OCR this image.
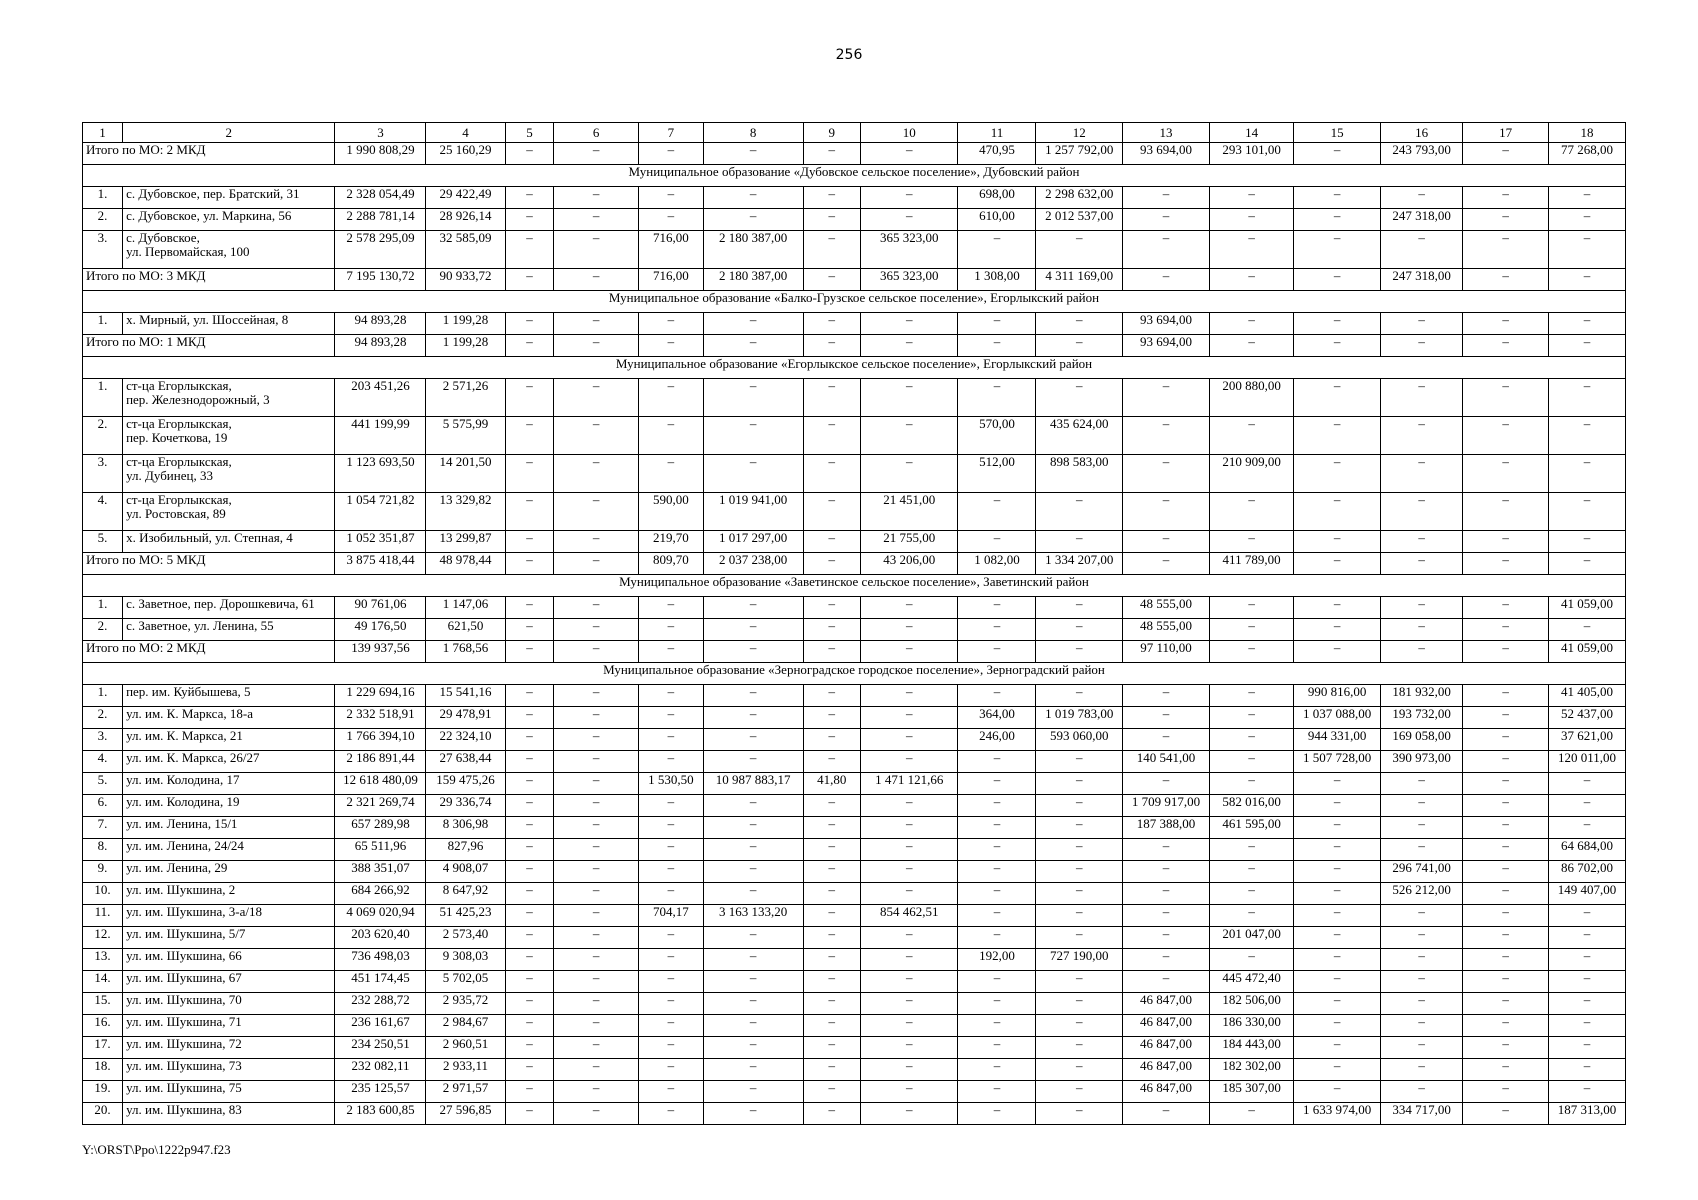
256
1	2	3	4	5	6	7	8	9	10	11	12	13	14	15	16	17	18
Итого по МО: 2 МКД		1 990 808,29	25 160,29	–	–	–	–	–	–	470,95	1 257 792,00	93 694,00	293 101,00	–	243 793,00	–	77 268,00
Муниципальное образование «Дубовское сельское поселение», Дубовский район																	
1.	с. Дубовское, пер. Братский, 31	2 328 054,49	29 422,49	–	–	–	–	–	–	698,00	2 298 632,00	–	–	–	–	–	–
2.	с. Дубовское, ул. Маркина, 56	2 288 781,14	28 926,14	–	–	–	–	–	–	610,00	2 012 537,00	–	–	–	247 318,00	–	–
3.	с. Дубовское,
ул. Первомайская, 100	2 578 295,09	32 585,09	–	–	716,00	2 180 387,00	–	365 323,00	–	–	–	–	–	–	–	–
Итого по МО: 3 МКД		7 195 130,72	90 933,72	–	–	716,00	2 180 387,00	–	365 323,00	1 308,00	4 311 169,00	–	–	–	247 318,00	–	–
Муниципальное образование «Балко-Грузское сельское поселение», Егорлыкский район																	
1.	х. Мирный, ул. Шоссейная, 8	94 893,28	1 199,28	–	–	–	–	–	–	–	–	93 694,00	–	–	–	–	–
Итого по МО: 1 МКД		94 893,28	1 199,28	–	–	–	–	–	–	–	–	93 694,00	–	–	–	–	–
Муниципальное образование «Егорлыкское сельское поселение», Егорлыкский район																	
1.	ст-ца Егорлыкская,
пер. Железнодорожный, 3	203 451,26	2 571,26	–	–	–	–	–	–	–	–	–	200 880,00	–	–	–	–
2.	ст-ца Егорлыкская,
пер. Кочеткова, 19	441 199,99	5 575,99	–	–	–	–	–	–	570,00	435 624,00	–	–	–	–	–	–
3.	ст-ца Егорлыкская,
ул. Дубинец, 33	1 123 693,50	14 201,50	–	–	–	–	–	–	512,00	898 583,00	–	210 909,00	–	–	–	–
4.	ст-ца Егорлыкская,
ул. Ростовская, 89	1 054 721,82	13 329,82	–	–	590,00	1 019 941,00	–	21 451,00	–	–	–	–	–	–	–	–
5.	х. Изобильный, ул. Степная, 4	1 052 351,87	13 299,87	–	–	219,70	1 017 297,00	–	21 755,00	–	–	–	–	–	–	–	–
Итого по МО: 5 МКД		3 875 418,44	48 978,44	–	–	809,70	2 037 238,00	–	43 206,00	1 082,00	1 334 207,00	–	411 789,00	–	–	–	–
Муниципальное образование «Заветинское сельское поселение», Заветинский район																	
1.	с. Заветное, пер. Дорошкевича, 61	90 761,06	1 147,06	–	–	–	–	–	–	–	–	48 555,00	–	–	–	–	41 059,00
2.	с. Заветное, ул. Ленина, 55	49 176,50	621,50	–	–	–	–	–	–	–	–	48 555,00	–	–	–	–	–
Итого по МО: 2 МКД		139 937,56	1 768,56	–	–	–	–	–	–	–	–	97 110,00	–	–	–	–	41 059,00
Муниципальное образование «Зерноградское городское поселение», Зерноградский район																	
1.	пер. им. Куйбышева, 5	1 229 694,16	15 541,16	–	–	–	–	–	–	–	–	–	–	990 816,00	181 932,00	–	41 405,00
2.	ул. им. К. Маркса, 18-а	2 332 518,91	29 478,91	–	–	–	–	–	–	364,00	1 019 783,00	–	–	1 037 088,00	193 732,00	–	52 437,00
3.	ул. им. К. Маркса, 21	1 766 394,10	22 324,10	–	–	–	–	–	–	246,00	593 060,00	–	–	944 331,00	169 058,00	–	37 621,00
4.	ул. им. К. Маркса, 26/27	2 186 891,44	27 638,44	–	–	–	–	–	–	–	–	140 541,00	–	1 507 728,00	390 973,00	–	120 011,00
5.	ул. им. Колодина, 17	12 618 480,09	159 475,26	–	–	1 530,50	10 987 883,17	41,80	1 471 121,66	–	–	–	–	–	–	–	–
6.	ул. им. Колодина, 19	2 321 269,74	29 336,74	–	–	–	–	–	–	–	–	1 709 917,00	582 016,00	–	–	–	–
7.	ул. им. Ленина, 15/1	657 289,98	8 306,98	–	–	–	–	–	–	–	–	187 388,00	461 595,00	–	–	–	–
8.	ул. им. Ленина, 24/24	65 511,96	827,96	–	–	–	–	–	–	–	–	–	–	–	–	–	64 684,00
9.	ул. им. Ленина, 29	388 351,07	4 908,07	–	–	–	–	–	–	–	–	–	–	–	296 741,00	–	86 702,00
10.	ул. им. Шукшина, 2	684 266,92	8 647,92	–	–	–	–	–	–	–	–	–	–	–	526 212,00	–	149 407,00
11.	ул. им. Шукшина, 3-а/18	4 069 020,94	51 425,23	–	–	704,17	3 163 133,20	–	854 462,51	–	–	–	–	–	–	–	–
12.	ул. им. Шукшина, 5/7	203 620,40	2 573,40	–	–	–	–	–	–	–	–	–	201 047,00	–	–	–	–
13.	ул. им. Шукшина, 66	736 498,03	9 308,03	–	–	–	–	–	–	192,00	727 190,00	–	–	–	–	–	–
14.	ул. им. Шукшина, 67	451 174,45	5 702,05	–	–	–	–	–	–	–	–	–	445 472,40	–	–	–	–
15.	ул. им. Шукшина, 70	232 288,72	2 935,72	–	–	–	–	–	–	–	–	46 847,00	182 506,00	–	–	–	–
16.	ул. им. Шукшина, 71	236 161,67	2 984,67	–	–	–	–	–	–	–	–	46 847,00	186 330,00	–	–	–	–
17.	ул. им. Шукшина, 72	234 250,51	2 960,51	–	–	–	–	–	–	–	–	46 847,00	184 443,00	–	–	–	–
18.	ул. им. Шукшина, 73	232 082,11	2 933,11	–	–	–	–	–	–	–	–	46 847,00	182 302,00	–	–	–	–
19.	ул. им. Шукшина, 75	235 125,57	2 971,57	–	–	–	–	–	–	–	–	46 847,00	185 307,00	–	–	–	–
20.	ул. им. Шукшина, 83	2 183 600,85	27 596,85	–	–	–	–	–	–	–	–	–	–	1 633 974,00	334 717,00	–	187 313,00
Y:\ORST\Ppo\1222p947.f23
